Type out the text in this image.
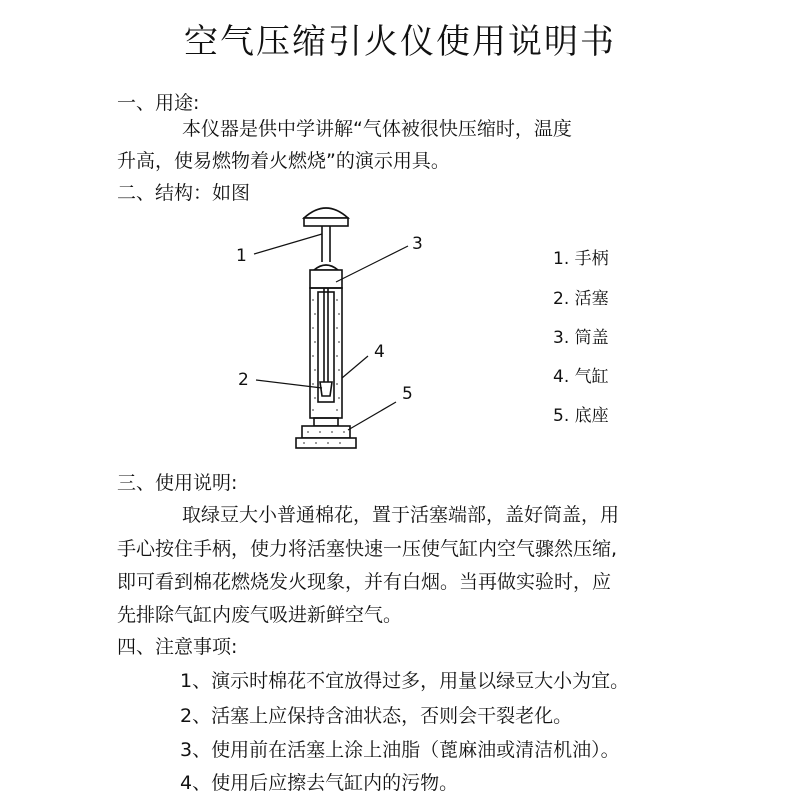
空气压缩引火仪使用说明书
一、用途:
本仪器是供中学讲解“气体被很快压缩时，温度
升高，使易燃物着火燃烧”的演示用具。
二、结构：如图
1
2
3
4
5
1. 手柄
2. 活塞
3. 筒盖
4. 气缸
5. 底座
三、使用说明:
取绿豆大小普通棉花，置于活塞端部，盖好筒盖，用
手心按住手柄，使力将活塞快速一压使气缸内空气骤然压缩,
即可看到棉花燃烧发火现象，并有白烟。当再做实验时，应
先排除气缸内废气吸进新鲜空气。
四、注意事项:
1、演示时棉花不宜放得过多，用量以绿豆大小为宜。
2、活塞上应保持含油状态，否则会干裂老化。
3、使用前在活塞上涂上油脂（蓖麻油或清洁机油）。
4、使用后应擦去气缸内的污物。
